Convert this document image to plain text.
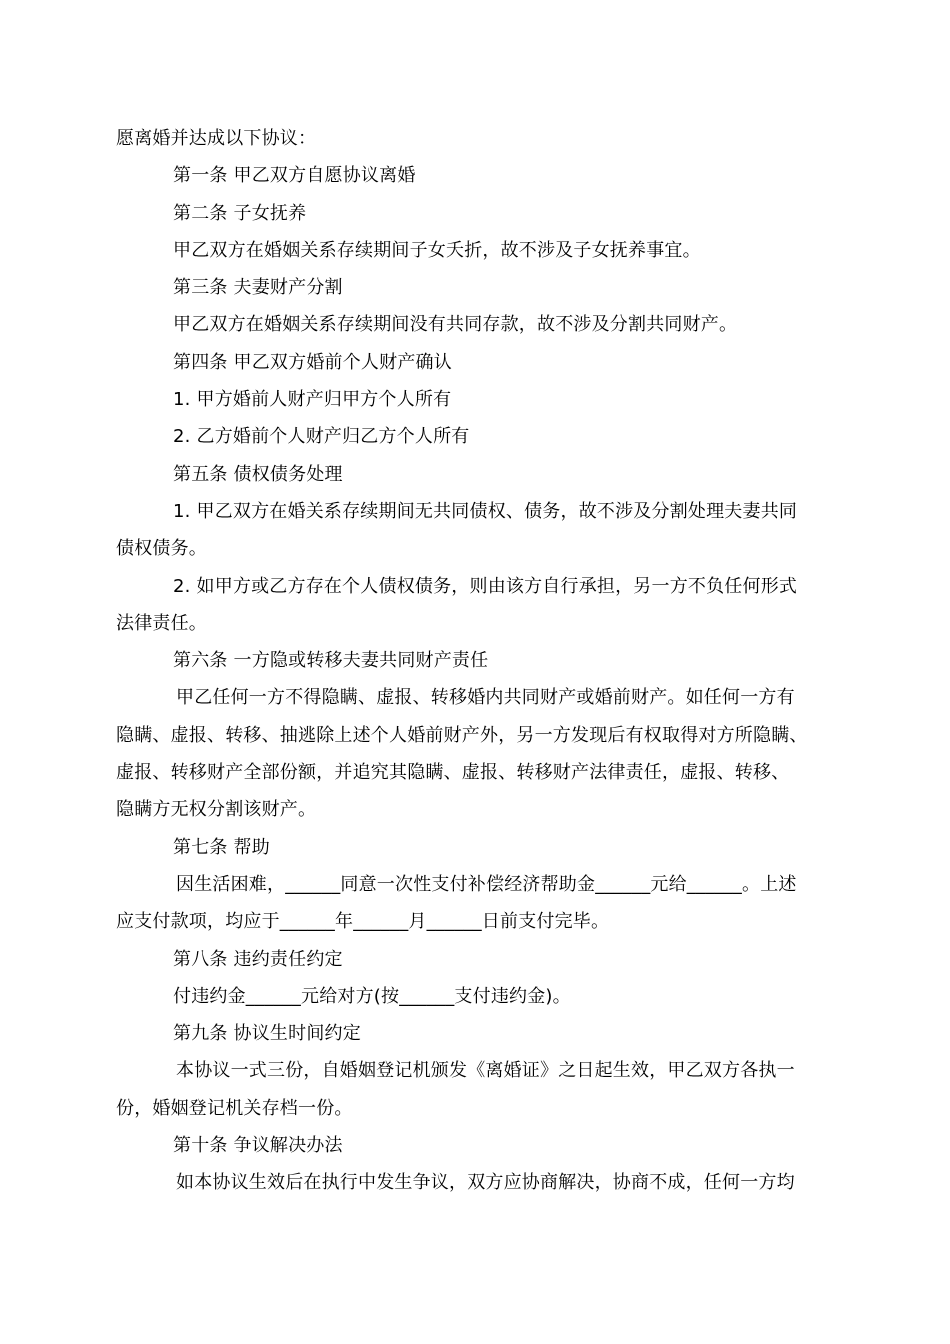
愿离婚并达成以下协议：
第一条 甲乙双方自愿协议离婚
第二条 子女抚养
甲乙双方在婚姻关系存续期间子女夭折，故不涉及子女抚养事宜。
第三条 夫妻财产分割
甲乙双方在婚姻关系存续期间没有共同存款，故不涉及分割共同财产。
第四条 甲乙双方婚前个人财产确认
1. 甲方婚前人财产归甲方个人所有
2. 乙方婚前个人财产归乙方个人所有
第五条 债权债务处理
1. 甲乙双方在婚关系存续期间无共同债权、债务，故不涉及分割处理夫妻共同
债权债务。
2. 如甲方或乙方存在个人债权债务，则由该方自行承担，另一方不负任何形式
法律责任。
第六条 一方隐或转移夫妻共同财产责任
甲乙任何一方不得隐瞒、虚报、转移婚内共同财产或婚前财产。如任何一方有
隐瞒、虚报、转移、抽逃除上述个人婚前财产外，另一方发现后有权取得对方所隐瞒、
虚报、转移财产全部份额，并追究其隐瞒、虚报、转移财产法律责任，虚报、转移、
隐瞒方无权分割该财产。
第七条 帮助
因生活困难，______同意一次性支付补偿经济帮助金______元给______。上述
应支付款项，均应于______年______月______日前支付完毕。
第八条 违约责任约定
付违约金______元给对方(按______支付违约金)。
第九条 协议生时间约定
本协议一式三份，自婚姻登记机颁发《离婚证》之日起生效，甲乙双方各执一
份，婚姻登记机关存档一份。
第十条 争议解决办法
如本协议生效后在执行中发生争议，双方应协商解决，协商不成，任何一方均
